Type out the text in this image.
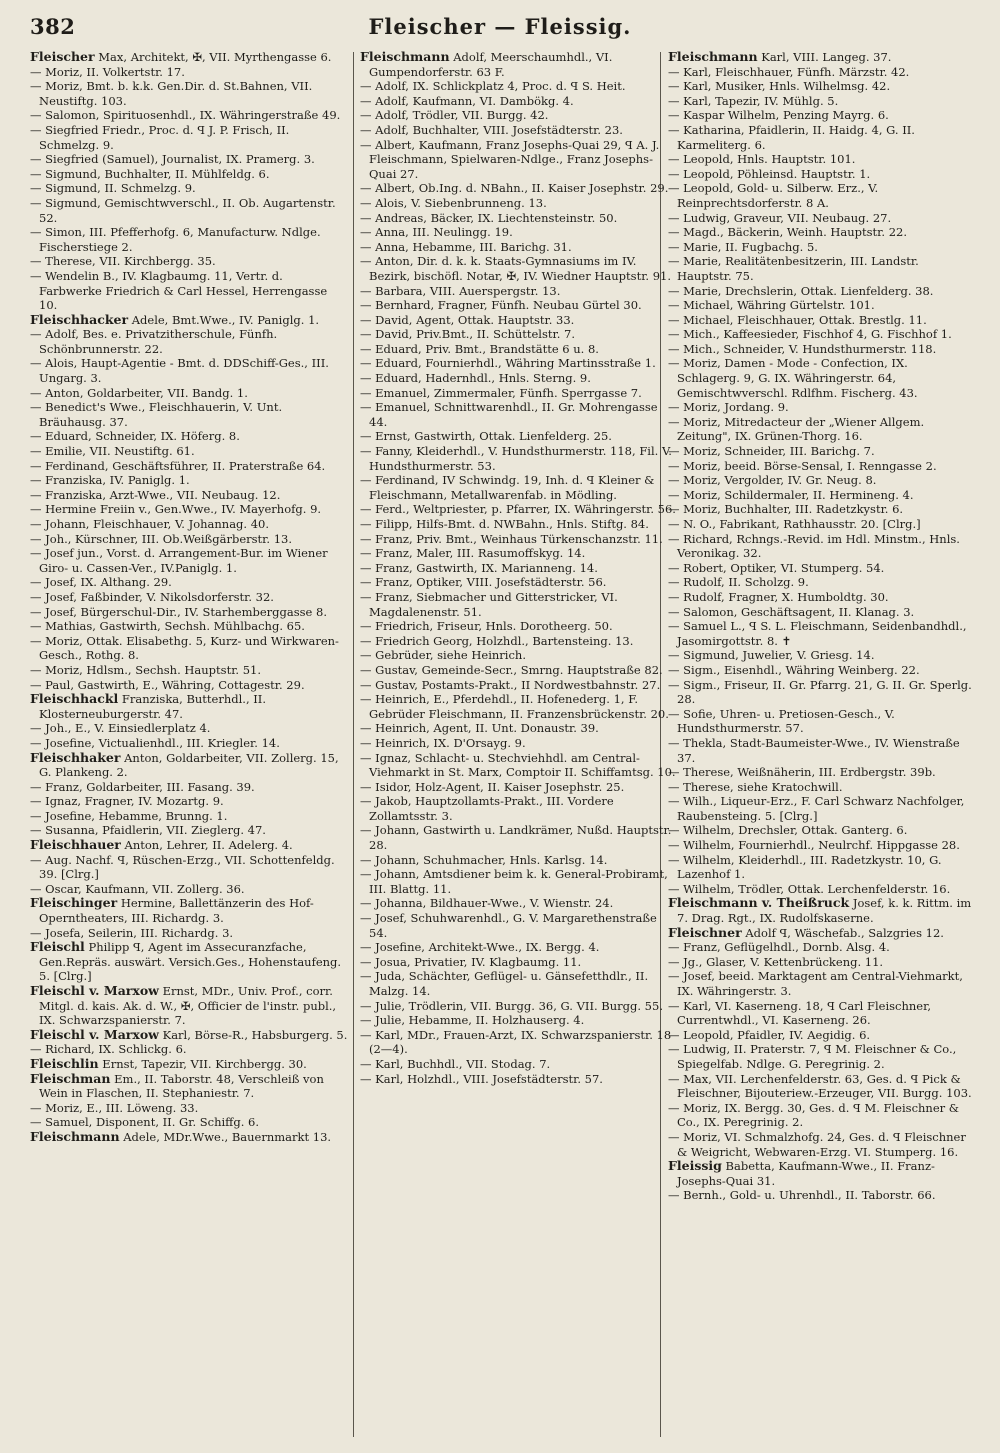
382	Fleischer — Fleissig.

Fleischer Max, Architekt, ✠, VII. Myrthengasse 6.

— Moriz, II. Volkertstr. 17.

— Moriz, Bmt. b. k.k. Gen.Dir. d. St.Bahnen, VII. Neustiftg. 103.

— Salomon, Spirituosenhdl., IX. Währingerstraße 49.

— Siegfried Friedr., Proc. d. ꟼ J. P. Frisch, II. Schmelzg. 9.

— Siegfried (Samuel), Journalist, IX. Pramerg. 3.

— Sigmund, Buchhalter, II. Mühlfeldg. 6.

— Sigmund, II. Schmelzg. 9.

— Sigmund, Gemischtwverschl., II. Ob. Augartenstr. 52.

— Simon, III. Pfefferhofg. 6, Manufacturw. Ndlge. Fischerstiege 2.

— Therese, VII. Kirchbergg. 35.

— Wendelin B., IV. Klagbaumg. 11, Vertr. d. Farbwerke Friedrich & Carl Hessel, Herrengasse 10.

Fleischhacker Adele, Bmt.Wwe., IV. Paniglg. 1.

— Adolf, Bes. e. Privatzitherschule, Fünfh. Schönbrunnerstr. 22.

— Alois, Haupt-Agentie - Bmt. d. DDSchiff-Ges., III. Ungarg. 3.

— Anton, Goldarbeiter, VII. Bandg. 1.

— Benedict's Wwe., Fleischhauerin, V. Unt. Bräuhausg. 37.

— Eduard, Schneider, IX. Höferg. 8.

— Emilie, VII. Neustiftg. 61.

— Ferdinand, Geschäftsführer, II. Praterstraße 64.

— Franziska, IV. Paniglg. 1.

— Franziska, Arzt-Wwe., VII. Neubaug. 12.

— Hermine Freiin v., Gen.Wwe., IV. Mayerhofg. 9.

— Johann, Fleischhauer, V. Johannag. 40.

— Joh., Kürschner, III. Ob.Weißgärberstr. 13.

— Josef jun., Vorst. d. Arrangement-Bur. im Wiener Giro- u. Cassen-Ver., IV.Paniglg. 1.

— Josef, IX. Althang. 29.

— Josef, Faßbinder, V. Nikolsdorferstr. 32.

— Josef, Bürgerschul-Dir., IV. Starhemberggasse 8.

— Mathias, Gastwirth, Sechsh. Mühlbachg. 65.

— Moriz, Ottak. Elisabethg. 5, Kurz- und Wirkwaren-Gesch., Rothg. 8.

— Moriz, Hdlsm., Sechsh. Hauptstr. 51.

— Paul, Gastwirth, E., Währing, Cottagestr. 29.

Fleischhackl Franziska, Butterhdl., II. Klosterneuburgerstr. 47.

— Joh., E., V. Einsiedlerplatz 4.

— Josefine, Victualienhdl., III. Kriegler. 14.

Fleischhaker Anton, Goldarbeiter, VII. Zollerg. 15, G. Plankeng. 2.

— Franz, Goldarbeiter, III. Fasang. 39.

— Ignaz, Fragner, IV. Mozartg. 9.

— Josefine, Hebamme, Brunng. 1.

— Susanna, Pfaidlerin, VII. Zieglerg. 47.

Fleischhauer Anton, Lehrer, II. Adelerg. 4.

— Aug. Nachf. ꟼ, Rüschen-Erzg., VII. Schottenfeldg. 39. [Clrg.]

— Oscar, Kaufmann, VII. Zollerg. 36.

Fleischinger Hermine, Ballettänzerin des Hof-Operntheaters, III. Richardg. 3.

— Josefa, Seilerin, III. Richardg. 3.

Fleischl Philipp ꟼ, Agent im Assecuranzfache, Gen.Repräs. auswärt. Versich.Ges., Hohenstaufeng. 5. [Clrg.]

Fleischl v. Marxow Ernst, MDr., Univ. Prof., corr. Mitgl. d. kais. Ak. d. W., ✠, Officier de l'instr. publ., IX. Schwarzspanierstr. 7.

Fleischl v. Marxow Karl, Börse-R., Habsburgerg. 5.

— Richard, IX. Schlickg. 6.

Fleischlin Ernst, Tapezir, VII. Kirchbergg. 30.

Fleischman Em., II. Taborstr. 48, Verschleiß von Wein in Flaschen, II. Stephaniestr. 7.

— Moriz, E., III. Löweng. 33.

— Samuel, Disponent, II. Gr. Schiffg. 6.

Fleischmann Adele, MDr.Wwe., Bauernmarkt 13.

Fleischmann Adolf, Meerschaumhdl., VI. Gumpendorferstr. 63 F.

— Adolf, IX. Schlickplatz 4, Proc. d. ꟼ S. Heit.

— Adolf, Kaufmann, VI. Dambökg. 4.

— Adolf, Trödler, VII. Burgg. 42.

— Adolf, Buchhalter, VIII. Josefstädterstr. 23.

— Albert, Kaufmann, Franz Josephs-Quai 29, ꟼ A. J. Fleischmann, Spielwaren-Ndlge., Franz Josephs-Quai 27.

— Albert, Ob.Ing. d. NBahn., II. Kaiser Josephstr. 29.

— Alois, V. Siebenbrunneng. 13.

— Andreas, Bäcker, IX. Liechtensteinstr. 50.

— Anna, III. Neulingg. 19.

— Anna, Hebamme, III. Barichg. 31.

— Anton, Dir. d. k. k. Staats-Gymnasiums im IV. Bezirk, bischöfl. Notar, ✠, IV. Wiedner Hauptstr. 91.

— Barbara, VIII. Auerspergstr. 13.

— Bernhard, Fragner, Fünfh. Neubau Gürtel 30.

— David, Agent, Ottak. Hauptstr. 33.

— David, Priv.Bmt., II. Schüttelstr. 7.

— Eduard, Priv. Bmt., Brandstätte 6 u. 8.

— Eduard, Fournierhdl., Währing Martinsstraße 1.

— Eduard, Hadernhdl., Hnls. Sterng. 9.

— Emanuel, Zimmermaler, Fünfh. Sperrgasse 7.

— Emanuel, Schnittwarenhdl., II. Gr. Mohrengasse 44.

— Ernst, Gastwirth, Ottak. Lienfelderg. 25.

— Fanny, Kleiderhdl., V. Hundsthurmerstr. 118, Fil. V. Hundsthurmerstr. 53.

— Ferdinand, IV Schwindg. 19, Inh. d. ꟼ Kleiner & Fleischmann, Metallwarenfab. in Mödling.

— Ferd., Weltpriester, p. Pfarrer, IX. Währingerstr. 56.

— Filipp, Hilfs-Bmt. d. NWBahn., Hnls. Stiftg. 84.

— Franz, Priv. Bmt., Weinhaus Türkenschanzstr. 11.

— Franz, Maler, III. Rasumoffskyg. 14.

— Franz, Gastwirth, IX. Marianneng. 14.

— Franz, Optiker, VIII. Josefstädterstr. 56.

— Franz, Siebmacher und Gitterstricker, VI. Magdalenenstr. 51.

— Friedrich, Friseur, Hnls. Dorotheerg. 50.

— Friedrich Georg, Holzhdl., Bartensteing. 13.

— Gebrüder, siehe Heinrich.

— Gustav, Gemeinde-Secr., Smrng. Hauptstraße 82.

— Gustav, Postamts-Prakt., II Nordwestbahnstr. 27.

— Heinrich, E., Pferdehdl., II. Hofenederg. 1, F. Gebrüder Fleischmann, II. Franzensbrückenstr. 20.

— Heinrich, Agent, II. Unt. Donaustr. 39.

— Heinrich, IX. D'Orsayg. 9.

— Ignaz, Schlacht- u. Stechviehhdl. am Central-Viehmarkt in St. Marx, Comptoir II. Schiffamtsg. 10.

— Isidor, Holz-Agent, II. Kaiser Josephstr. 25.

— Jakob, Hauptzollamts-Prakt., III. Vordere Zollamtsstr. 3.

— Johann, Gastwirth u. Landkrämer, Nußd. Hauptstr. 28.

— Johann, Schuhmacher, Hnls. Karlsg. 14.

— Johann, Amtsdiener beim k. k. General-Probiramt, III. Blattg. 11.

— Johanna, Bildhauer-Wwe., V. Wienstr. 24.

— Josef, Schuhwarenhdl., G. V. Margarethenstraße 54.

— Josefine, Architekt-Wwe., IX. Bergg. 4.

— Josua, Privatier, IV. Klagbaumg. 11.

— Juda, Schächter, Geflügel- u. Gänsefetthdlr., II. Malzg. 14.

— Julie, Trödlerin, VII. Burgg. 36, G. VII. Burgg. 55.

— Julie, Hebamme, II. Holzhauserg. 4.

— Karl, MDr., Frauen-Arzt, IX. Schwarzspanierstr. 18 (2—4).

— Karl, Buchhdl., VII. Stodag. 7.

— Karl, Holzhdl., VIII. Josefstädterstr. 57.

Fleischmann Karl, VIII. Langeg. 37.

— Karl, Fleischhauer, Fünfh. Märzstr. 42.

— Karl, Musiker, Hnls. Wilhelmsg. 42.

— Karl, Tapezir, IV. Mühlg. 5.

— Kaspar Wilhelm, Penzing Mayrg. 6.

— Katharina, Pfaidlerin, II. Haidg. 4, G. II. Karmeliterg. 6.

— Leopold, Hnls. Hauptstr. 101.

— Leopold, Pöhleinsd. Hauptstr. 1.

— Leopold, Gold- u. Silberw. Erz., V. Reinprechtsdorferstr. 8 A.

— Ludwig, Graveur, VII. Neubaug. 27.

— Magd., Bäckerin, Weinh. Hauptstr. 22.

— Marie, II. Fugbachg. 5.

— Marie, Realitätenbesitzerin, III. Landstr. Hauptstr. 75.

— Marie, Drechslerin, Ottak. Lienfelderg. 38.

— Michael, Währing Gürtelstr. 101.

— Michael, Fleischhauer, Ottak. Brestlg. 11.

— Mich., Kaffeesieder, Fischhof 4, G. Fischhof 1.

— Mich., Schneider, V. Hundsthurmerstr. 118.

— Moriz, Damen - Mode - Confection, IX. Schlagerg. 9, G. IX. Währingerstr. 64, Gemischtwverschl. Rdlfhm. Fischerg. 43.

— Moriz, Jordang. 9.

— Moriz, Mitredacteur der „Wiener Allgem. Zeitung", IX. Grünen-Thorg. 16.

— Moriz, Schneider, III. Barichg. 7.

— Moriz, beeid. Börse-Sensal, I. Renngasse 2.

— Moriz, Vergolder, IV. Gr. Neug. 8.

— Moriz, Schildermaler, II. Hermineng. 4.

— Moriz, Buchhalter, III. Radetzkystr. 6.

— N. O., Fabrikant, Rathhausstr. 20. [Clrg.]

— Richard, Rchngs.-Revid. im Hdl. Minstm., Hnls. Veronikag. 32.

— Robert, Optiker, VI. Stumperg. 54.

— Rudolf, II. Scholzg. 9.

— Rudolf, Fragner, X. Humboldtg. 30.

— Salomon, Geschäftsagent, II. Klanag. 3.

— Samuel L., ꟼ S. L. Fleischmann, Seidenbandhdl., Jasomirgottstr. 8. ✝

— Sigmund, Juwelier, V. Griesg. 14.

— Sigm., Eisenhdl., Währing Weinberg. 22.

— Sigm., Friseur, II. Gr. Pfarrg. 21, G. II. Gr. Sperlg. 28.

— Sofie, Uhren- u. Pretiosen-Gesch., V. Hundsthurmerstr. 57.

— Thekla, Stadt-Baumeister-Wwe., IV. Wienstraße 37.

— Therese, Weißnäherin, III. Erdbergstr. 39b.

— Therese, siehe Kratochwill.

— Wilh., Liqueur-Erz., F. Carl Schwarz Nachfolger, Raubensteing. 5. [Clrg.]

— Wilhelm, Drechsler, Ottak. Ganterg. 6.

— Wilhelm, Fournierhdl., Neulrchf. Hippgasse 28.

— Wilhelm, Kleiderhdl., III. Radetzkystr. 10, G. Lazenhof 1.

— Wilhelm, Trödler, Ottak. Lerchenfelderstr. 16.

Fleischmann v. Theißruck Josef, k. k. Rittm. im 7. Drag. Rgt., IX. Rudolfskaserne.

Fleischner Adolf ꟼ, Wäschefab., Salzgries 12.

— Franz, Geflügelhdl., Dornb. Alsg. 4.

— Jg., Glaser, V. Kettenbrückeng. 11.

— Josef, beeid. Marktagent am Central-Viehmarkt, IX. Währingerstr. 3.

— Karl, VI. Kaserneng. 18, ꟼ Carl Fleischner, Currentwhdl., VI. Kaserneng. 26.

— Leopold, Pfaidler, IV. Aegidig. 6.

— Ludwig, II. Praterstr. 7, ꟼ M. Fleischner & Co., Spiegelfab. Ndlge. G. Peregrinig. 2.

— Max, VII. Lerchenfelderstr. 63, Ges. d. ꟼ Pick & Fleischner, Bijouteriew.-Erzeuger, VII. Burgg. 103.

— Moriz, IX. Bergg. 30, Ges. d. ꟼ M. Fleischner & Co., IX. Peregrinig. 2.

— Moriz, VI. Schmalzhofg. 24, Ges. d. ꟼ Fleischner & Weigricht, Webwaren-Erzg. VI. Stumperg. 16.

Fleissig Babetta, Kaufmann-Wwe., II. Franz-Josephs-Quai 31.

— Bernh., Gold- u. Uhrenhdl., II. Taborstr. 66.
